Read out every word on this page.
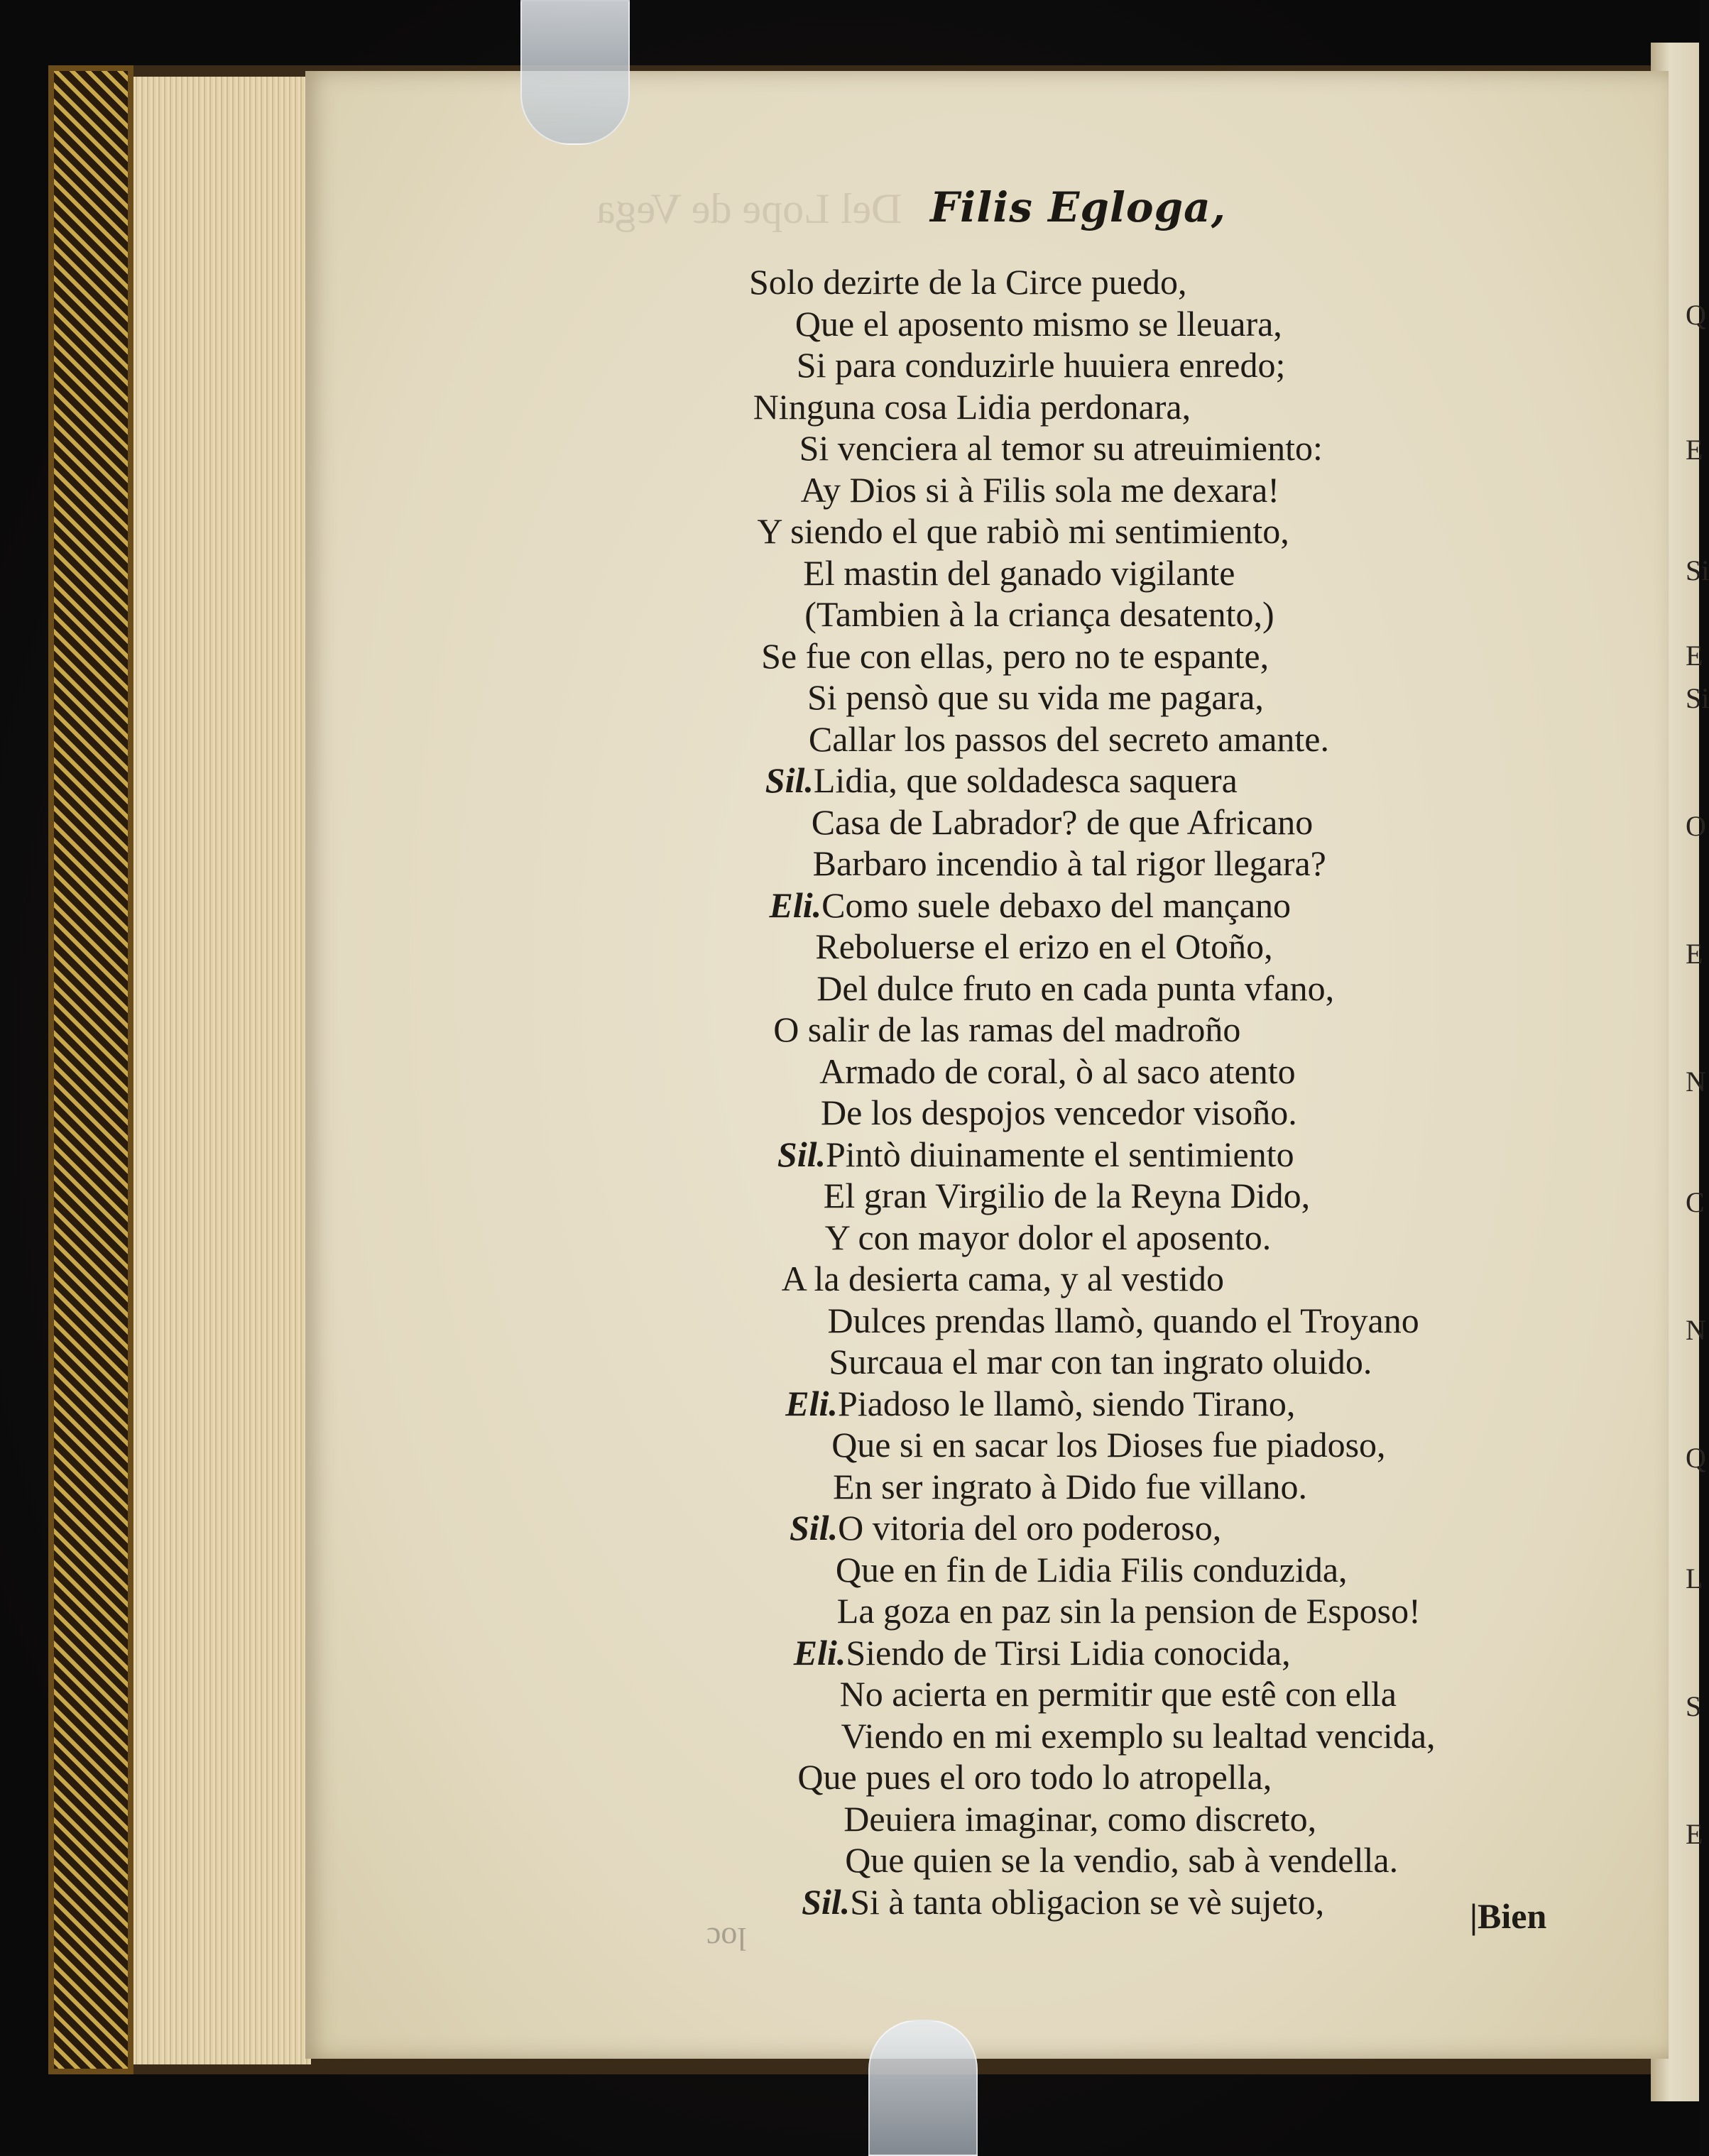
Del Lope de Vega Filis Egloga,
Solo dezirte de la Circe puedo,
Que el aposento mismo se lleuara,
Si para conduzirle huuiera enredo;
Ninguna cosa Lidia perdonara,
Si venciera al temor su atreuimiento:
Ay Dios si à Filis sola me dexara!
Y siendo el que rabiò mi sentimiento,
El mastin del ganado vigilante
(Tambien à la criança desatento,)
Se fue con ellas, pero no te espante,
Si pensò que su vida me pagara,
Callar los passos del secreto amante.
Sil.Lidia, que soldadesca saquera
Casa de Labrador? de que Africano
Barbaro incendio à tal rigor llegara?
Eli.Como suele debaxo del mançano
Reboluerse el erizo en el Otoño,
Del dulce fruto en cada punta vfano,
O salir de las ramas del madroño
Armado de coral, ò al saco atento
De los despojos vencedor visoño.
Sil.Pintò diuinamente el sentimiento
El gran Virgilio de la Reyna Dido,
Y con mayor dolor el aposento.
A la desierta cama, y al vestido
Dulces prendas llamò, quando el Troyano
Surcaua el mar con tan ingrato oluido.
Eli.Piadoso le llamò, siendo Tirano,
Que si en sacar los Dioses fue piadoso,
En ser ingrato à Dido fue villano.
Sil.O vitoria del oro poderoso,
Que en fin de Lidia Filis conduzida,
La goza en paz sin la pension de Esposo!
Eli.Siendo de Tirsi Lidia conocida,
No acierta en permitir que estê con ella
Viendo en mi exemplo su lealtad vencida,
Que pues el oro todo lo atropella,
Deuiera imaginar, como discreto,
Que quien se la vendio, sab à vendella.
Sil.Si à tanta obligacion se vè sujeto,	|Bien
loc
Q
E
Si
E
Si
O
E
N
C
N
Q
L
S
E
